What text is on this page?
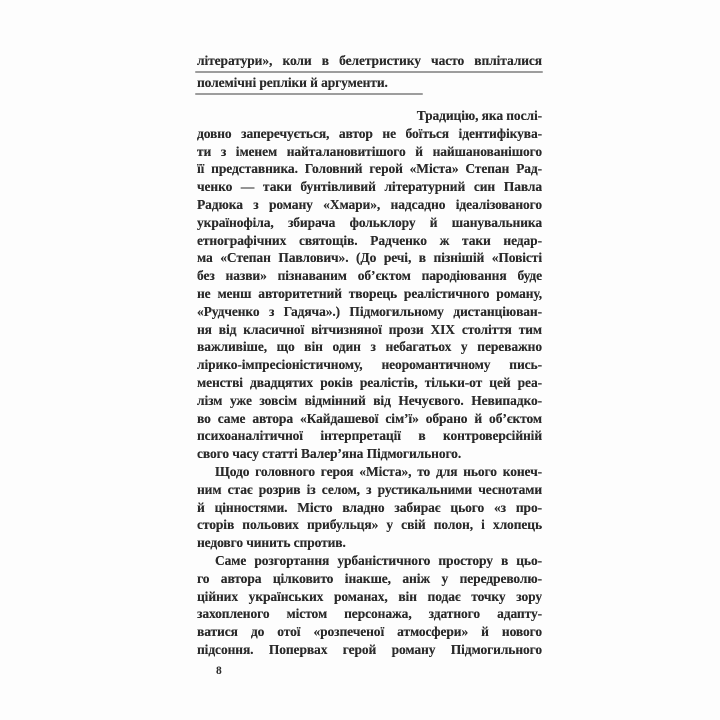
літератури», коли в белетристику часто впліталися
полемічні репліки й аргументи.
Традицію, яка послі-
довно заперечується, автор не боїться ідентифікува-
ти з іменем найталановитішого й найшанованішого
її представника. Головний герой «Міста» Степан Рад-
ченко — таки бунтівливий літературний син Павла
Радюка з роману «Хмари», надсадно ідеалізованого
українофіла, збирача фольклору й шанувальника
етнографічних святощів. Радченко ж таки недар-
ма «Степан Павлович». (До речі, в пізнішій «Повісті
без назви» пізнаваним об’єктом пародіювання буде
не менш авторитетний творець реалістичного роману,
«Рудченко з Гадяча».) Підмогильному дистанціюван-
ня від класичної вітчизняної прози XIX століття тим
важливіше, що він один з небагатьох у переважно
лірико-імпресіоністичному, неоромантичному пись-
менстві двадцятих років реалістів, тільки-от цей реа-
лізм уже зовсім відмінний від Нечуєвого. Невипадко-
во саме автора «Кайдашевої сім’ї» обрано й об’єктом
психоаналітичної інтерпретації в контроверсійній
свого часу статті Валер’яна Підмогильного.
Щодо головного героя «Міста», то для нього конеч-
ним стає розрив із селом, з рустикальними чеснотами
й цінностями. Місто владно забирає цього «з про-
сторів польових прибульця» у свій полон, і хлопець
недовго чинить спротив.
Саме розгортання урбаністичного простору в цьо-
го автора цілковито інакше, аніж у передреволю-
ційних українських романах, він подає точку зору
захопленого містом персонажа, здатного адапту-
ватися до отої «розпеченої атмосфери» й нового
підсоння. Попервах герой роману Підмогильного
8
